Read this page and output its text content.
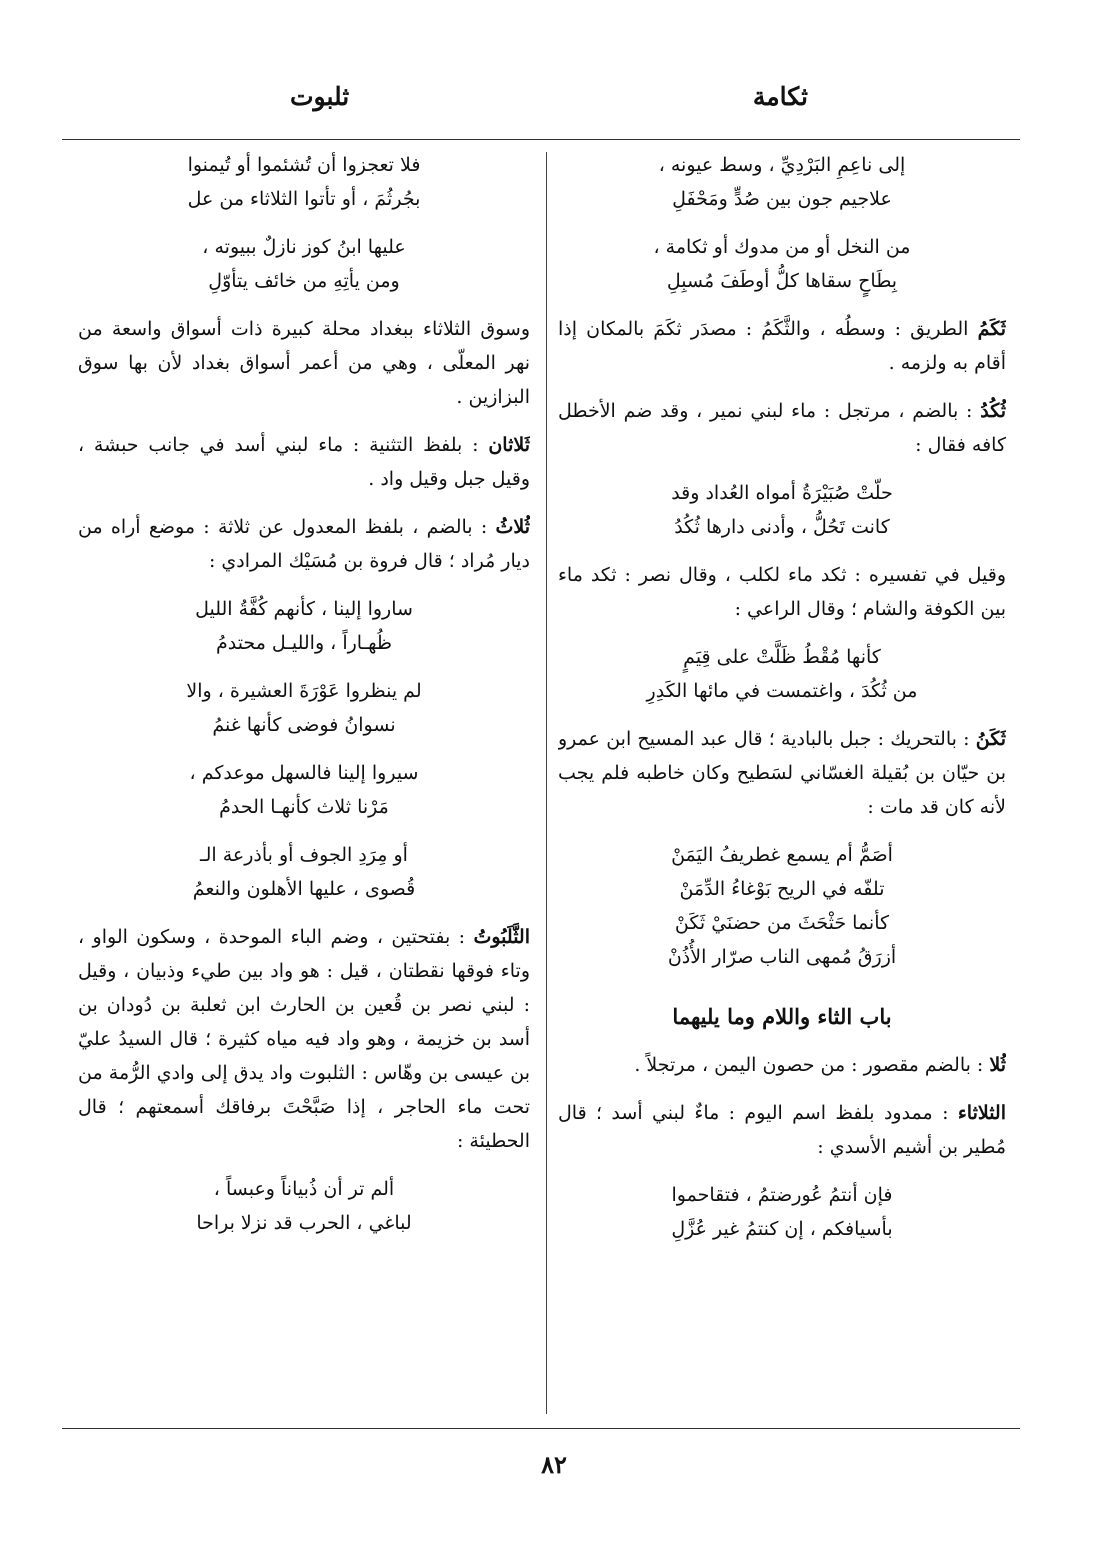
ثكامة
ثلبوت
إلى ناعِمِ البَرْدِيِّ ، وسط عيونه ،
علاجيم جون بين صُدٍّ ومَحْفَلِ
من النخل أو من مدوك أو ثكامة ،
بِطَاحٍ سقاها كلُّ أوطَفَ مُسبِلِ

ثَكَمُ الطريق : وسطُه ، والثَّكَمُ : مصدَر ثكَمَ بالمكان إذا أقام به ولزمه .

ثُكُدُ : بالضم ، مرتجل : ماء لبني نمير ، وقد ضم الأخطل كافه فقال :

حلّتْ صُبَيْرَةُ أمواه العُداد وقد
كانت تَحُلُّ ، وأدنى دارها ثُكُدُ

وقيل في تفسيره : ثكد ماء لكلب ، وقال نصر : ثكد ماء بين الكوفة والشام ؛ وقال الراعي :

كأنها مُقْطُ ظَلَّتْ على قِيَمٍ
من ثُكُدَ ، واغتمست في مائها الكَدِرِ

ثَكَنُ : بالتحريك : جبل بالبادية ؛ قال عبد المسيح ابن عمرو بن حيّان بن بُقيلة الغسّاني لسَطيح وكان خاطبه فلم يجب لأنه كان قد مات :

أصَمُّ أم يسمع غطريفُ اليَمَنْ
تلفّه في الريح بَوْغاءُ الدِّمَنْ
كأنما حَثْحَثَ من حضنَيْ ثَكَنْ
أزرَقُ مُمهى الناب صرّار الأُذُنْ
باب الثاء واللام وما يليهما

ثُلا : بالضم مقصور : من حصون اليمن ، مرتجلاً .

الثلاثاء : ممدود بلفظ اسم اليوم : ماءٌ لبني أسد ؛ قال مُطير بن أشيم الأسدي :

فإن أنتمُ عُورضتمُ ، فتقاحموا
بأسيافكم ، إن كنتمُ غير عُزَّلِ
فلا تعجزوا أن تُشئموا أو تُيمنوا
بجُرثُمَ ، أو تأتوا الثلاثاء من عل
عليها ابنُ كوز نازلٌ ببيوته ،
ومن يأتِهِ من خائف يتأوّلِ

وسوق الثلاثاء ببغداد محلة كبيرة ذات أسواق واسعة من نهر المعلّى ، وهي من أعمر أسواق بغداد لأن بها سوق البزازين .

ثَلاثان : بلفظ التثنية : ماء لبني أسد في جانب حبشة ، وقيل جبل وقيل واد .

ثُلاثُ : بالضم ، بلفظ المعدول عن ثلاثة : موضع أراه من ديار مُراد ؛ قال فروة بن مُسَيْك المرادي :

ساروا إلينا ، كأنهم كُفَّةُ الليل
ظُهـاراً ، والليـل محتدمُ
لم ينظروا عَوْرَةَ العشيرة ، والا
نسوانُ فوضى كأنها غنمُ
سيروا إلينا فالسهل موعدكم ،
مَرْنا ثلاث كأنهـا الحدمُ
أو مِرَدِ الجوف أو بأذرعة الـ
قُصوى ، عليها الأهلون والنعمُ

الثَّلَبُوتُ : بفتحتين ، وضم الباء الموحدة ، وسكون الواو ، وتاء فوقها نقطتان ، قيل : هو واد بين طيء وذبيان ، وقيل : لبني نصر بن قُعين بن الحارث ابن ثعلبة بن دُودان بن أسد بن خزيمة ، وهو واد فيه مياه كثيرة ؛ قال السيدُ عليّ بن عيسى بن وهّاس : الثلبوت واد يدق إلى وادي الرُّمة من تحت ماء الحاجر ، إذا صَبَّحْتَ برفاقك أسمعتهم ؛ قال الحطيئة :

ألم تر أن ذُبياناً وعبساً ،
لباغي ، الحرب قد نزلا براحا
٨٢
